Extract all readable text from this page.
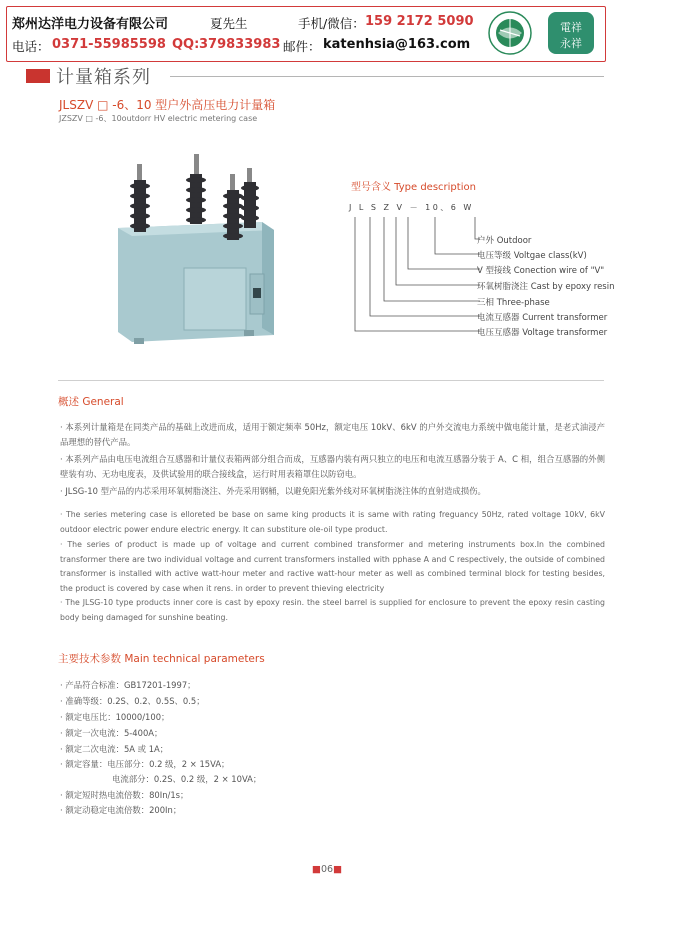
郑州达洋电力设备有限公司	夏先生	手机/微信： 159 2172 5090
电话： 0371-55985598 QQ: 379833983 邮件： katenhsia@163.com
電祥
永祥
计量箱系列
JLSZV □ -6、10 型户外高压电力计量箱
JZSZV □ -6、10outdorr HV electric metering case
型号含义 Type description
J L S Z V － 10、6 W
户外 Outdoor
电压等级 Voltgae class(kV)
V 型接线 Conection wire of "V"
环氧树脂浇注 Cast by epoxy resin
三相 Three-phase
电流互感器 Current transformer
电压互感器 Voltage transformer
概述 General
· 本系列计量箱是在同类产品的基础上改进而成，适用于额定频率 50Hz，额定电压 10kV、6kV 的户外交流电力系统中做电能计量，是老式油浸产品理想的替代产品。
· 本系列产品由电压电流组合互感器和计量仪表箱两部分组合而成，互感器内装有两只独立的电压和电流互感器分装于 A、C 相，组合互感器的外侧壁装有功、无功电度表，及供试验用的联合接线盒，运行时用表箱罩住以防窃电。
· JLSG-10 型产品的内芯采用环氧树脂浇注、外壳采用钢桶，以避免阳光紫外线对环氧树脂浇注体的直射造成损伤。
· The series metering case is elloreted be base on same king products it is same with rating freguancy 50Hz, rated voltage 10kV, 6kV outdoor electric power endure electric energy. It can substiture ole-oil type product.
· The series of product is made up of voltage and current combined transformer and metering instruments box.In the combined transformer there are two individual voltage and current transformers installed with pphase A and C respectively, the outside of combined transformer is installed with active watt-hour meter and ractive watt-hour meter as well as combined terminal block for testing besides, the product is covered by case when it rens. in order to prevent thieving electricity
· The JLSG-10 type products inner core is cast by epoxy resin. the steel barrel is supplied for enclosure to prevent the epoxy resin casting body being damaged for sunshine beating.
主要技术参数 Main technical parameters
· 产品符合标准：GB17201-1997；
· 准确等级：0.2S、0.2、0.5S、0.5；
· 额定电压比：10000/100；
· 额定一次电流：5-400A；
· 额定二次电流：5A 或 1A；
· 额定容量：电压部分：0.2 级，2 × 15VA；
电流部分：0.2S、0.2 级，2 × 10VA；
· 额定短时热电流倍数：80In/1s；
· 额定动稳定电流倍数：200In；
■06■
